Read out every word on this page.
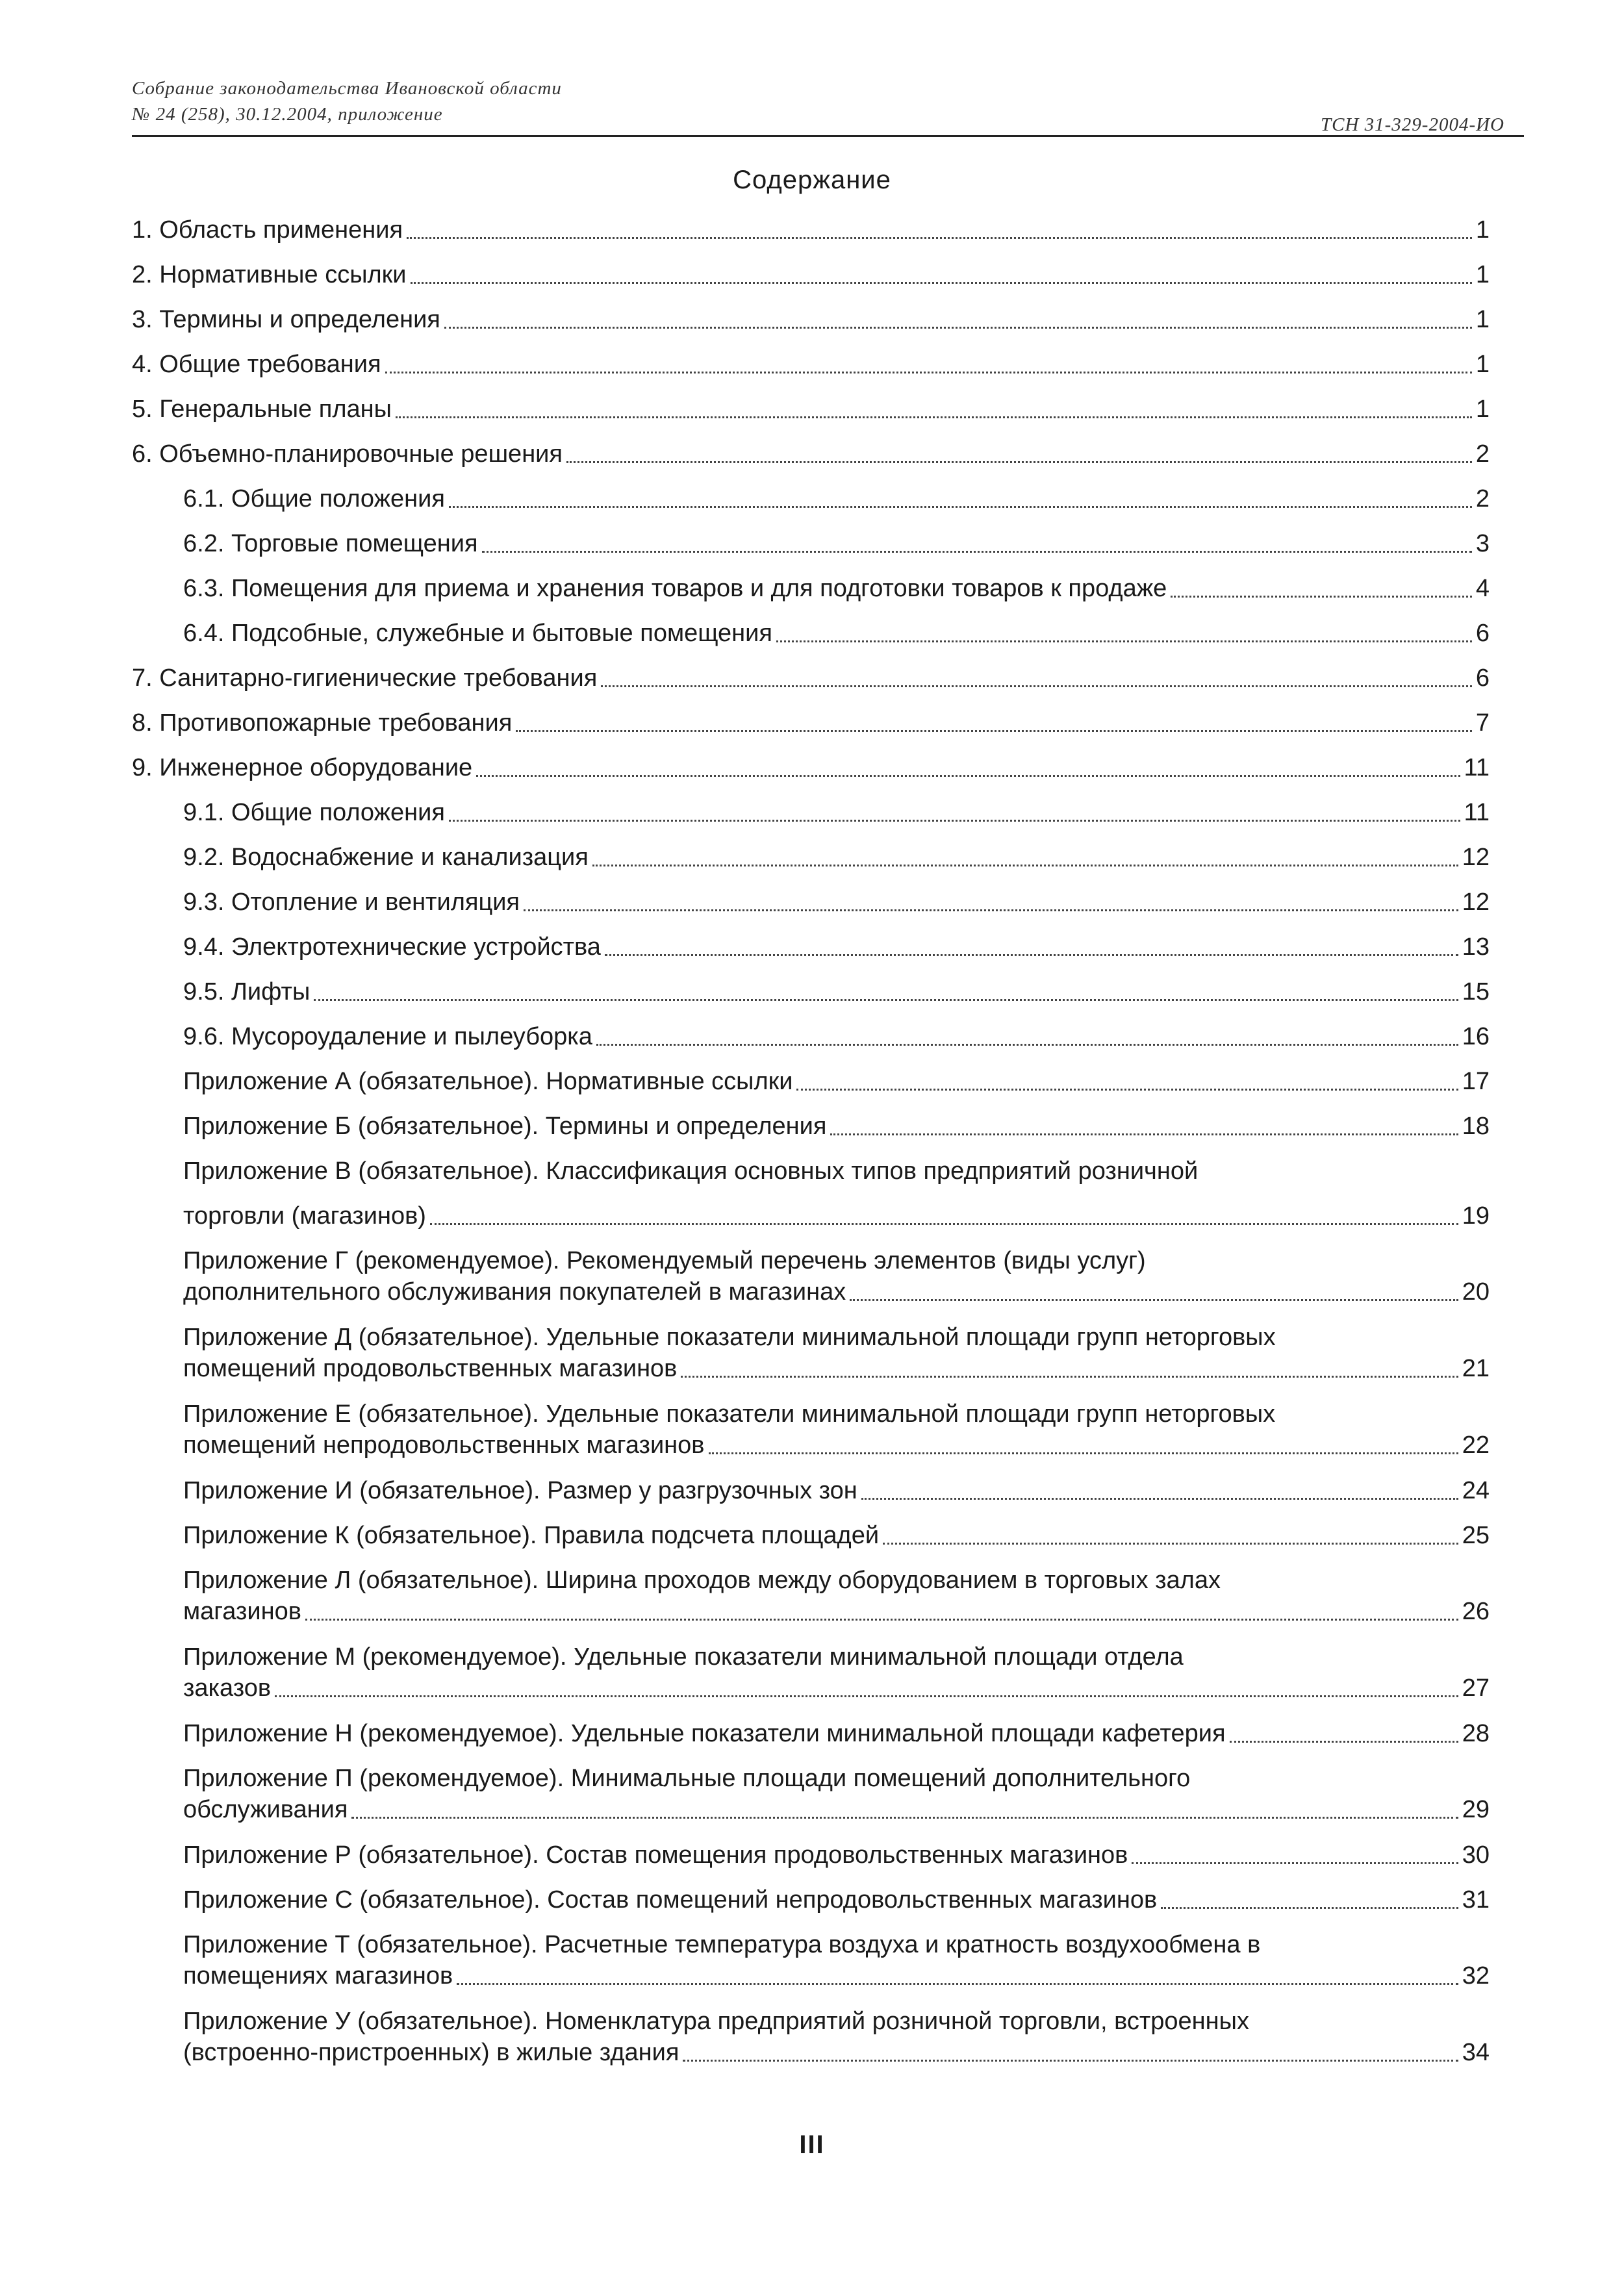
Собрание законодательства Ивановской области
№ 24 (258), 30.12.2004, приложение	ТСН 31-329-2004-ИО
Содержание
1. Область применения	1
2. Нормативные ссылки	1
3. Термины и определения	1
4. Общие требования	1
5. Генеральные планы	1
6. Объемно-планировочные решения	2
6.1. Общие положения	2
6.2. Торговые помещения	3
6.3. Помещения для приема и хранения товаров и для подготовки товаров к продаже	4
6.4. Подсобные, служебные и бытовые помещения	6
7. Санитарно-гигиенические требования	6
8. Противопожарные требования	7
9. Инженерное оборудование	11
9.1. Общие положения	11
9.2. Водоснабжение и канализация	12
9.3. Отопление и вентиляция	12
9.4. Электротехнические устройства	13
9.5. Лифты	15
9.6. Мусороудаление и пылеуборка	16
Приложение А (обязательное). Нормативные ссылки	17
Приложение Б (обязательное). Термины и определения	18
Приложение В (обязательное). Классификация основных типов предприятий розничной
торговли (магазинов)	19
Приложение Г (рекомендуемое). Рекомендуемый перечень элементов (виды услуг)
дополнительного обслуживания покупателей в магазинах	20
Приложение Д (обязательное). Удельные показатели минимальной площади групп неторговых
помещений продовольственных магазинов	21
Приложение Е (обязательное). Удельные показатели минимальной площади групп неторговых
помещений непродовольственных магазинов	22
Приложение И (обязательное). Размер у разгрузочных зон	24
Приложение К (обязательное). Правила подсчета площадей	25
Приложение Л (обязательное). Ширина проходов между оборудованием в торговых залах
магазинов	26
Приложение М (рекомендуемое). Удельные показатели минимальной площади отдела
заказов	27
Приложение Н (рекомендуемое). Удельные показатели минимальной площади кафетерия	28
Приложение П (рекомендуемое). Минимальные площади помещений дополнительного
обслуживания	29
Приложение Р (обязательное). Состав помещения продовольственных магазинов	30
Приложение С (обязательное). Состав помещений непродовольственных магазинов	31
Приложение Т (обязательное). Расчетные температура воздуха и кратность воздухообмена в
помещениях магазинов	32
Приложение У (обязательное). Номенклатура предприятий розничной торговли, встроенных
(встроенно-пристроенных) в жилые здания	34
III
